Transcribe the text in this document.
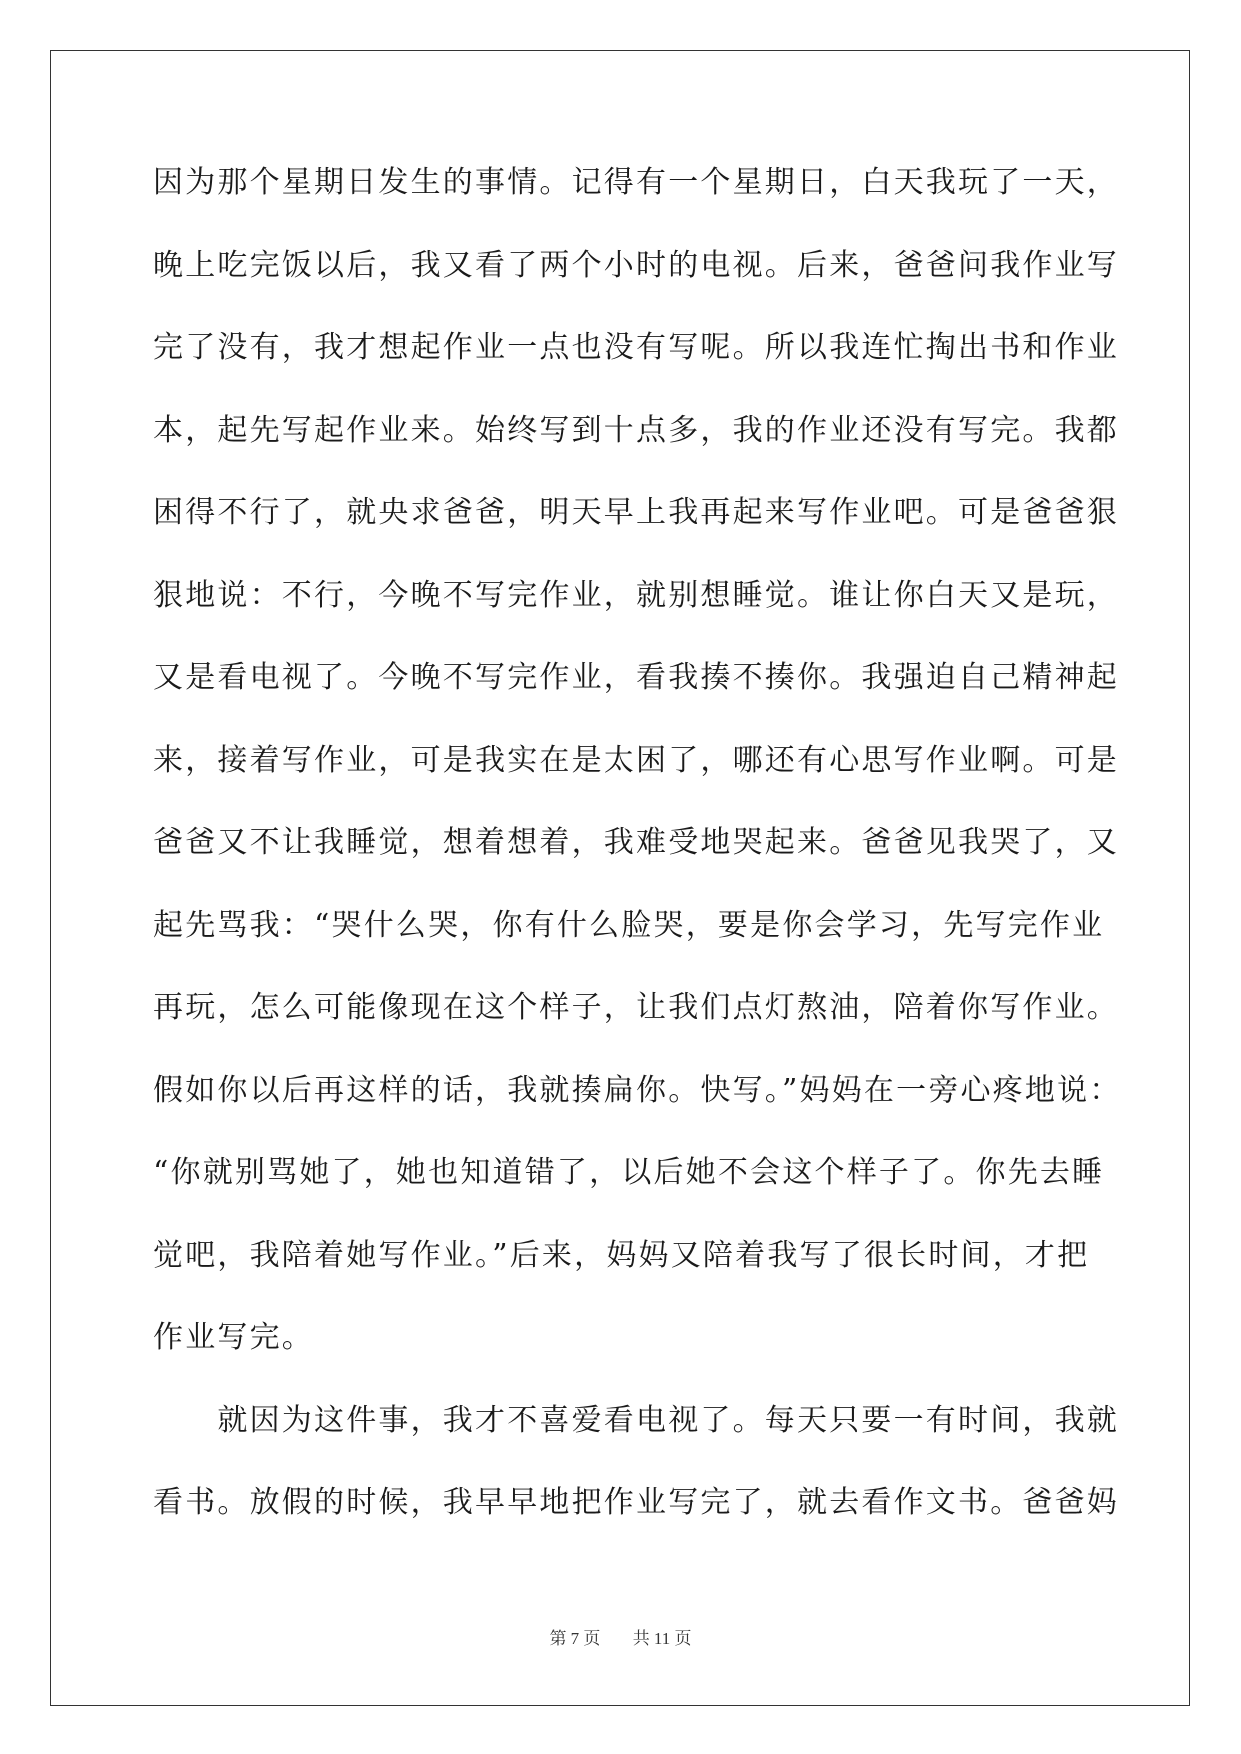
因为那个星期日发生的事情。记得有一个星期日，白天我玩了一天，
晚上吃完饭以后，我又看了两个小时的电视。后来，爸爸问我作业写
完了没有，我才想起作业一点也没有写呢。所以我连忙掏出书和作业
本，起先写起作业来。始终写到十点多，我的作业还没有写完。我都
困得不行了，就央求爸爸，明天早上我再起来写作业吧。可是爸爸狠
狠地说：不行，今晚不写完作业，就别想睡觉。谁让你白天又是玩，
又是看电视了。今晚不写完作业，看我揍不揍你。我强迫自己精神起
来，接着写作业，可是我实在是太困了，哪还有心思写作业啊。可是
爸爸又不让我睡觉，想着想着，我难受地哭起来。爸爸见我哭了，又
起先骂我：“哭什么哭，你有什么脸哭，要是你会学习，先写完作业
再玩，怎么可能像现在这个样子，让我们点灯熬油，陪着你写作业。
假如你以后再这样的话，我就揍扁你。快写。”妈妈在一旁心疼地说：
“你就别骂她了，她也知道错了，以后她不会这个样子了。你先去睡
觉吧，我陪着她写作业。”后来，妈妈又陪着我写了很长时间，才把
作业写完。
　　就因为这件事，我才不喜爱看电视了。每天只要一有时间，我就
看书。放假的时候，我早早地把作业写完了，就去看作文书。爸爸妈
第 7 页 共 11 页
